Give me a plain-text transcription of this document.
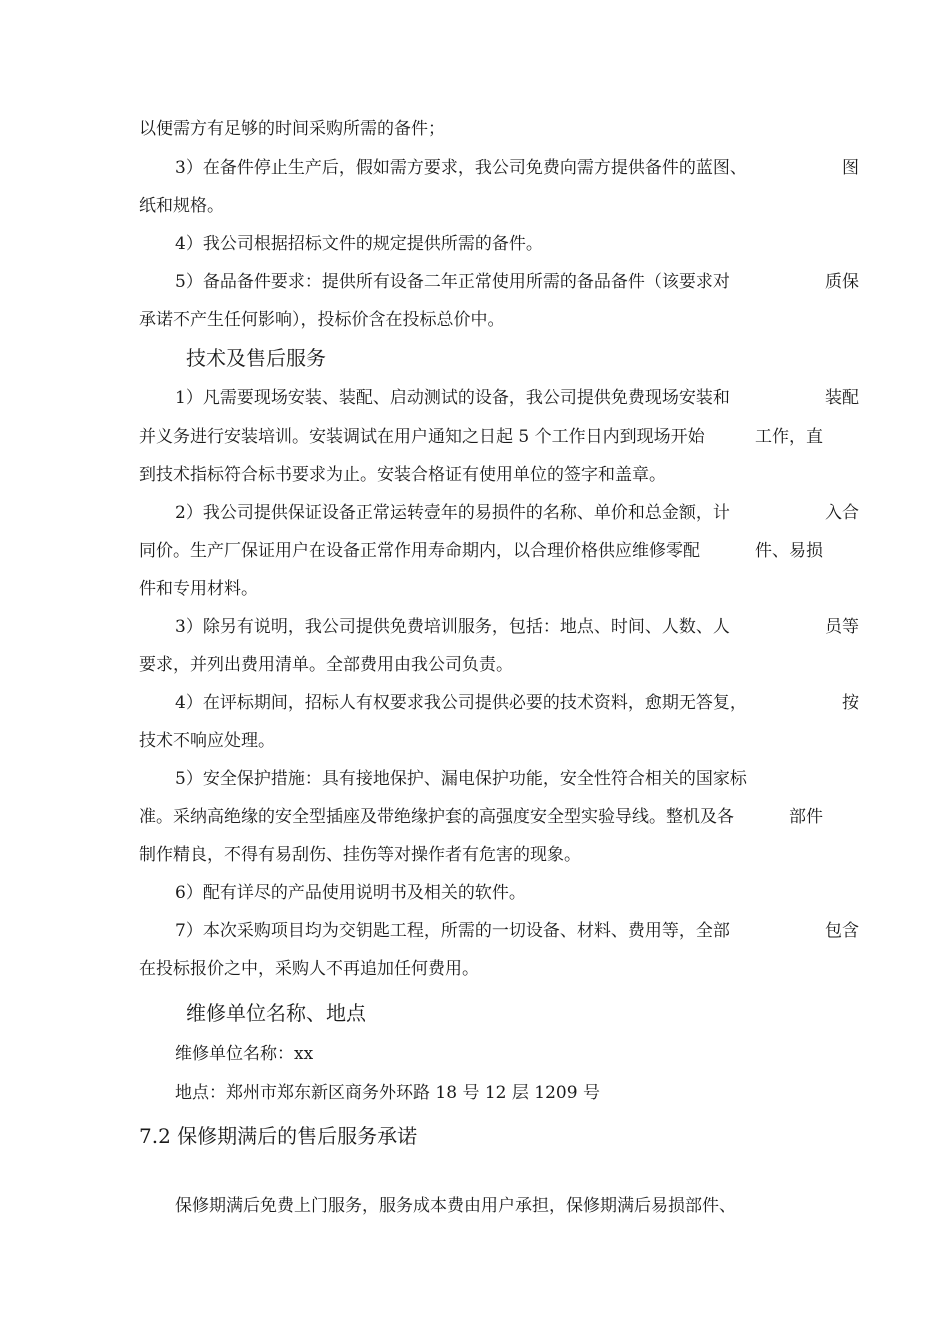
以便需方有足够的时间采购所需的备件；
3）在备件停止生产后，假如需方要求，我公司免费向需方提供备件的蓝图、	图
纸和规格。
4）我公司根据招标文件的规定提供所需的备件。
5）备品备件要求：提供所有设备二年正常使用所需的备品备件（该要求对	质保
承诺不产生任何影响），投标价含在投标总价中。
技术及售后服务
1）凡需要现场安装、装配、启动测试的设备，我公司提供免费现场安装和	装配
并义务进行安装培训。安装调试在用户通知之日起 5 个工作日内到现场开始	工作，直
到技术指标符合标书要求为止。安装合格证有使用单位的签字和盖章。
2）我公司提供保证设备正常运转壹年的易损件的名称、单价和总金额，计	入合
同价。生产厂保证用户在设备正常作用寿命期内，以合理价格供应维修零配	件、易损
件和专用材料。
3）除另有说明，我公司提供免费培训服务，包括：地点、时间、人数、人	员等
要求，并列出费用清单。全部费用由我公司负责。
4）在评标期间，招标人有权要求我公司提供必要的技术资料，愈期无答复，	按
技术不响应处理。
5）安全保护措施：具有接地保护、漏电保护功能，安全性符合相关的国家标
准。采纳高绝缘的安全型插座及带绝缘护套的高强度安全型实验导线。整机及各	部件
制作精良，不得有易刮伤、挂伤等对操作者有危害的现象。
6）配有详尽的产品使用说明书及相关的软件。
7）本次采购项目均为交钥匙工程，所需的一切设备、材料、费用等，全部	包含
在投标报价之中，采购人不再追加任何费用。
维修单位名称、地点
维修单位名称：xx
地点：郑州市郑东新区商务外环路 18 号 12 层 1209 号
7.2 保修期满后的售后服务承诺
保修期满后免费上门服务，服务成本费由用户承担，保修期满后易损部件、
